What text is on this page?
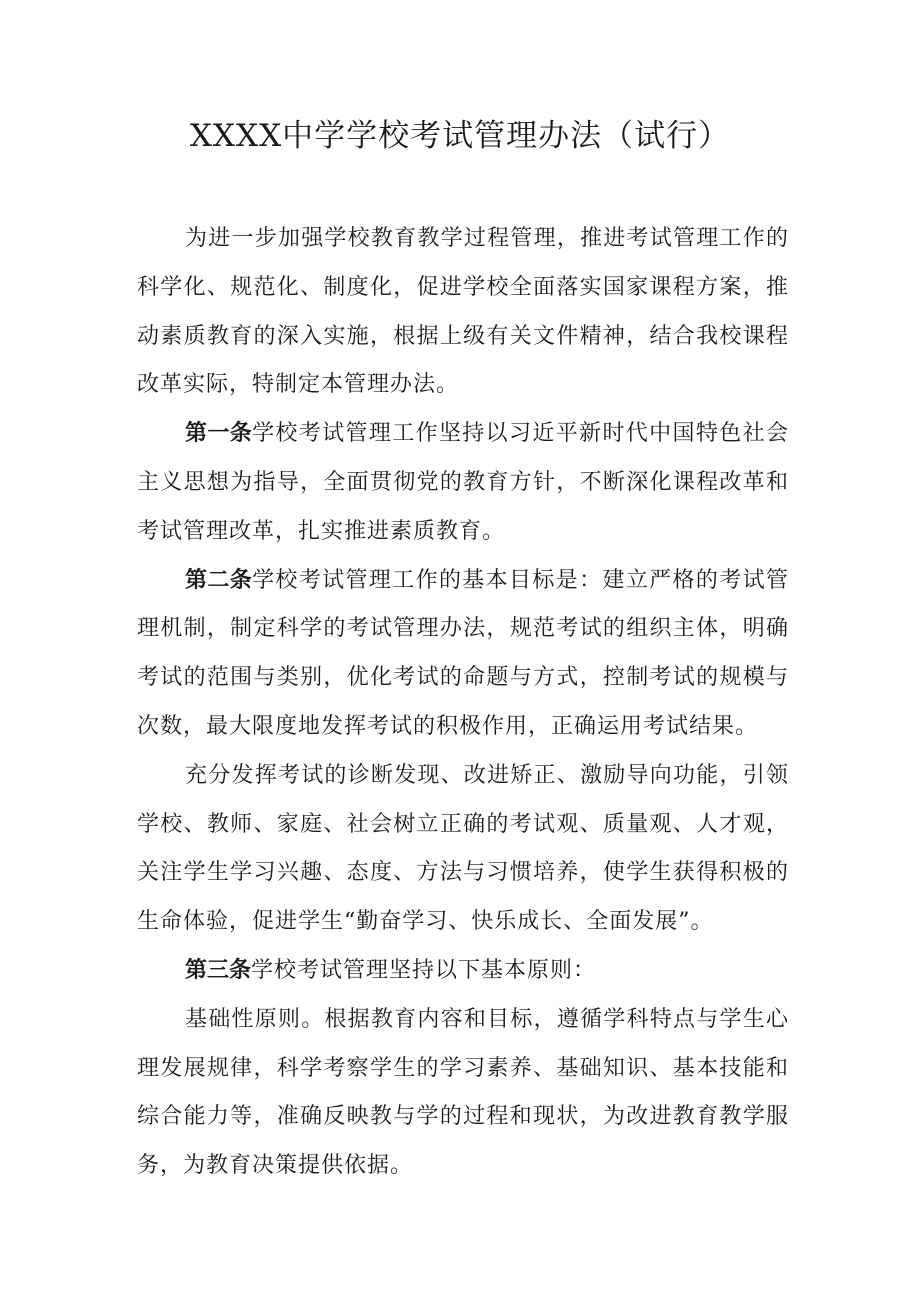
XXXX中学学校考试管理办法（试行）

为进一步加强学校教育教学过程管理，推进考试管理工作的科学化、规范化、制度化，促进学校全面落实国家课程方案，推动素质教育的深入实施，根据上级有关文件精神，结合我校课程改革实际，特制定本管理办法。

第一条学校考试管理工作坚持以习近平新时代中国特色社会主义思想为指导，全面贯彻党的教育方针，不断深化课程改革和考试管理改革，扎实推进素质教育。

第二条学校考试管理工作的基本目标是：建立严格的考试管理机制，制定科学的考试管理办法，规范考试的组织主体，明确考试的范围与类别，优化考试的命题与方式，控制考试的规模与次数，最大限度地发挥考试的积极作用，正确运用考试结果。

充分发挥考试的诊断发现、改进矫正、激励导向功能，引领学校、教师、家庭、社会树立正确的考试观、质量观、人才观，关注学生学习兴趣、态度、方法与习惯培养，使学生获得积极的生命体验，促进学生“勤奋学习、快乐成长、全面发展”。

第三条学校考试管理坚持以下基本原则：

基础性原则。根据教育内容和目标，遵循学科特点与学生心理发展规律，科学考察学生的学习素养、基础知识、基本技能和综合能力等，准确反映教与学的过程和现状，为改进教育教学服务，为教育决策提供依据。
